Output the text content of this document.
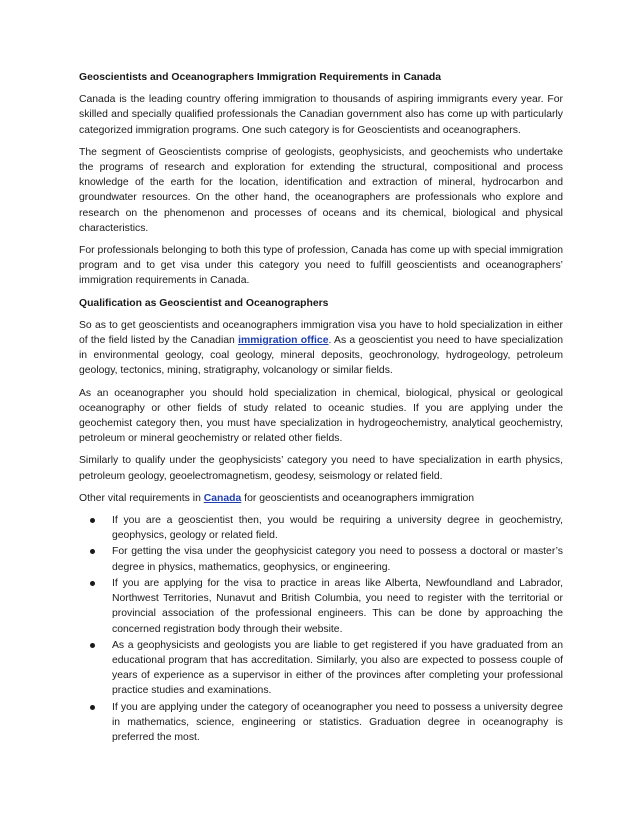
Geoscientists and Oceanographers Immigration Requirements in Canada

Canada is the leading country offering immigration to thousands of aspiring immigrants every year. For skilled and specially qualified professionals the Canadian government also has come up with particularly categorized immigration programs. One such category is for Geoscientists and oceanographers.

The segment of Geoscientists comprise of geologists, geophysicists, and geochemists who undertake the programs of research and exploration for extending the structural, compositional and process knowledge of the earth for the location, identification and extraction of mineral, hydrocarbon and groundwater resources. On the other hand, the oceanographers are professionals who explore and research on the phenomenon and processes of oceans and its chemical, biological and physical characteristics.

For professionals belonging to both this type of profession, Canada has come up with special immigration program and to get visa under this category you need to fulfill geoscientists and oceanographers’ immigration requirements in Canada.

Qualification as Geoscientist and Oceanographers

So as to get geoscientists and oceanographers immigration visa you have to hold specialization in either of the field listed by the Canadian immigration office. As a geoscientist you need to have specialization in environmental geology, coal geology, mineral deposits, geochronology, hydrogeology, petroleum geology, tectonics, mining, stratigraphy, volcanology or similar fields.

As an oceanographer you should hold specialization in chemical, biological, physical or geological oceanography or other fields of study related to oceanic studies. If you are applying under the geochemist category then, you must have specialization in hydrogeochemistry, analytical geochemistry, petroleum or mineral geochemistry or related other fields.

Similarly to qualify under the geophysicists’ category you need to have specialization in earth physics, petroleum geology, geoelectromagnetism, geodesy, seismology or related field.

Other vital requirements in Canada for geoscientists and oceanographers immigration

If you are a geoscientist then, you would be requiring a university degree in geochemistry, geophysics, geology or related field.
For getting the visa under the geophysicist category you need to possess a doctoral or master’s degree in physics, mathematics, geophysics, or engineering.
If you are applying for the visa to practice in areas like Alberta, Newfoundland and Labrador, Northwest Territories, Nunavut and British Columbia, you need to register with the territorial or provincial association of the professional engineers. This can be done by approaching the concerned registration body through their website.
As a geophysicists and geologists you are liable to get registered if you have graduated from an educational program that has accreditation. Similarly, you also are expected to possess couple of years of experience as a supervisor in either of the provinces after completing your professional practice studies and examinations.
If you are applying under the category of oceanographer you need to possess a university degree in mathematics, science, engineering or statistics. Graduation degree in oceanography is preferred the most.
